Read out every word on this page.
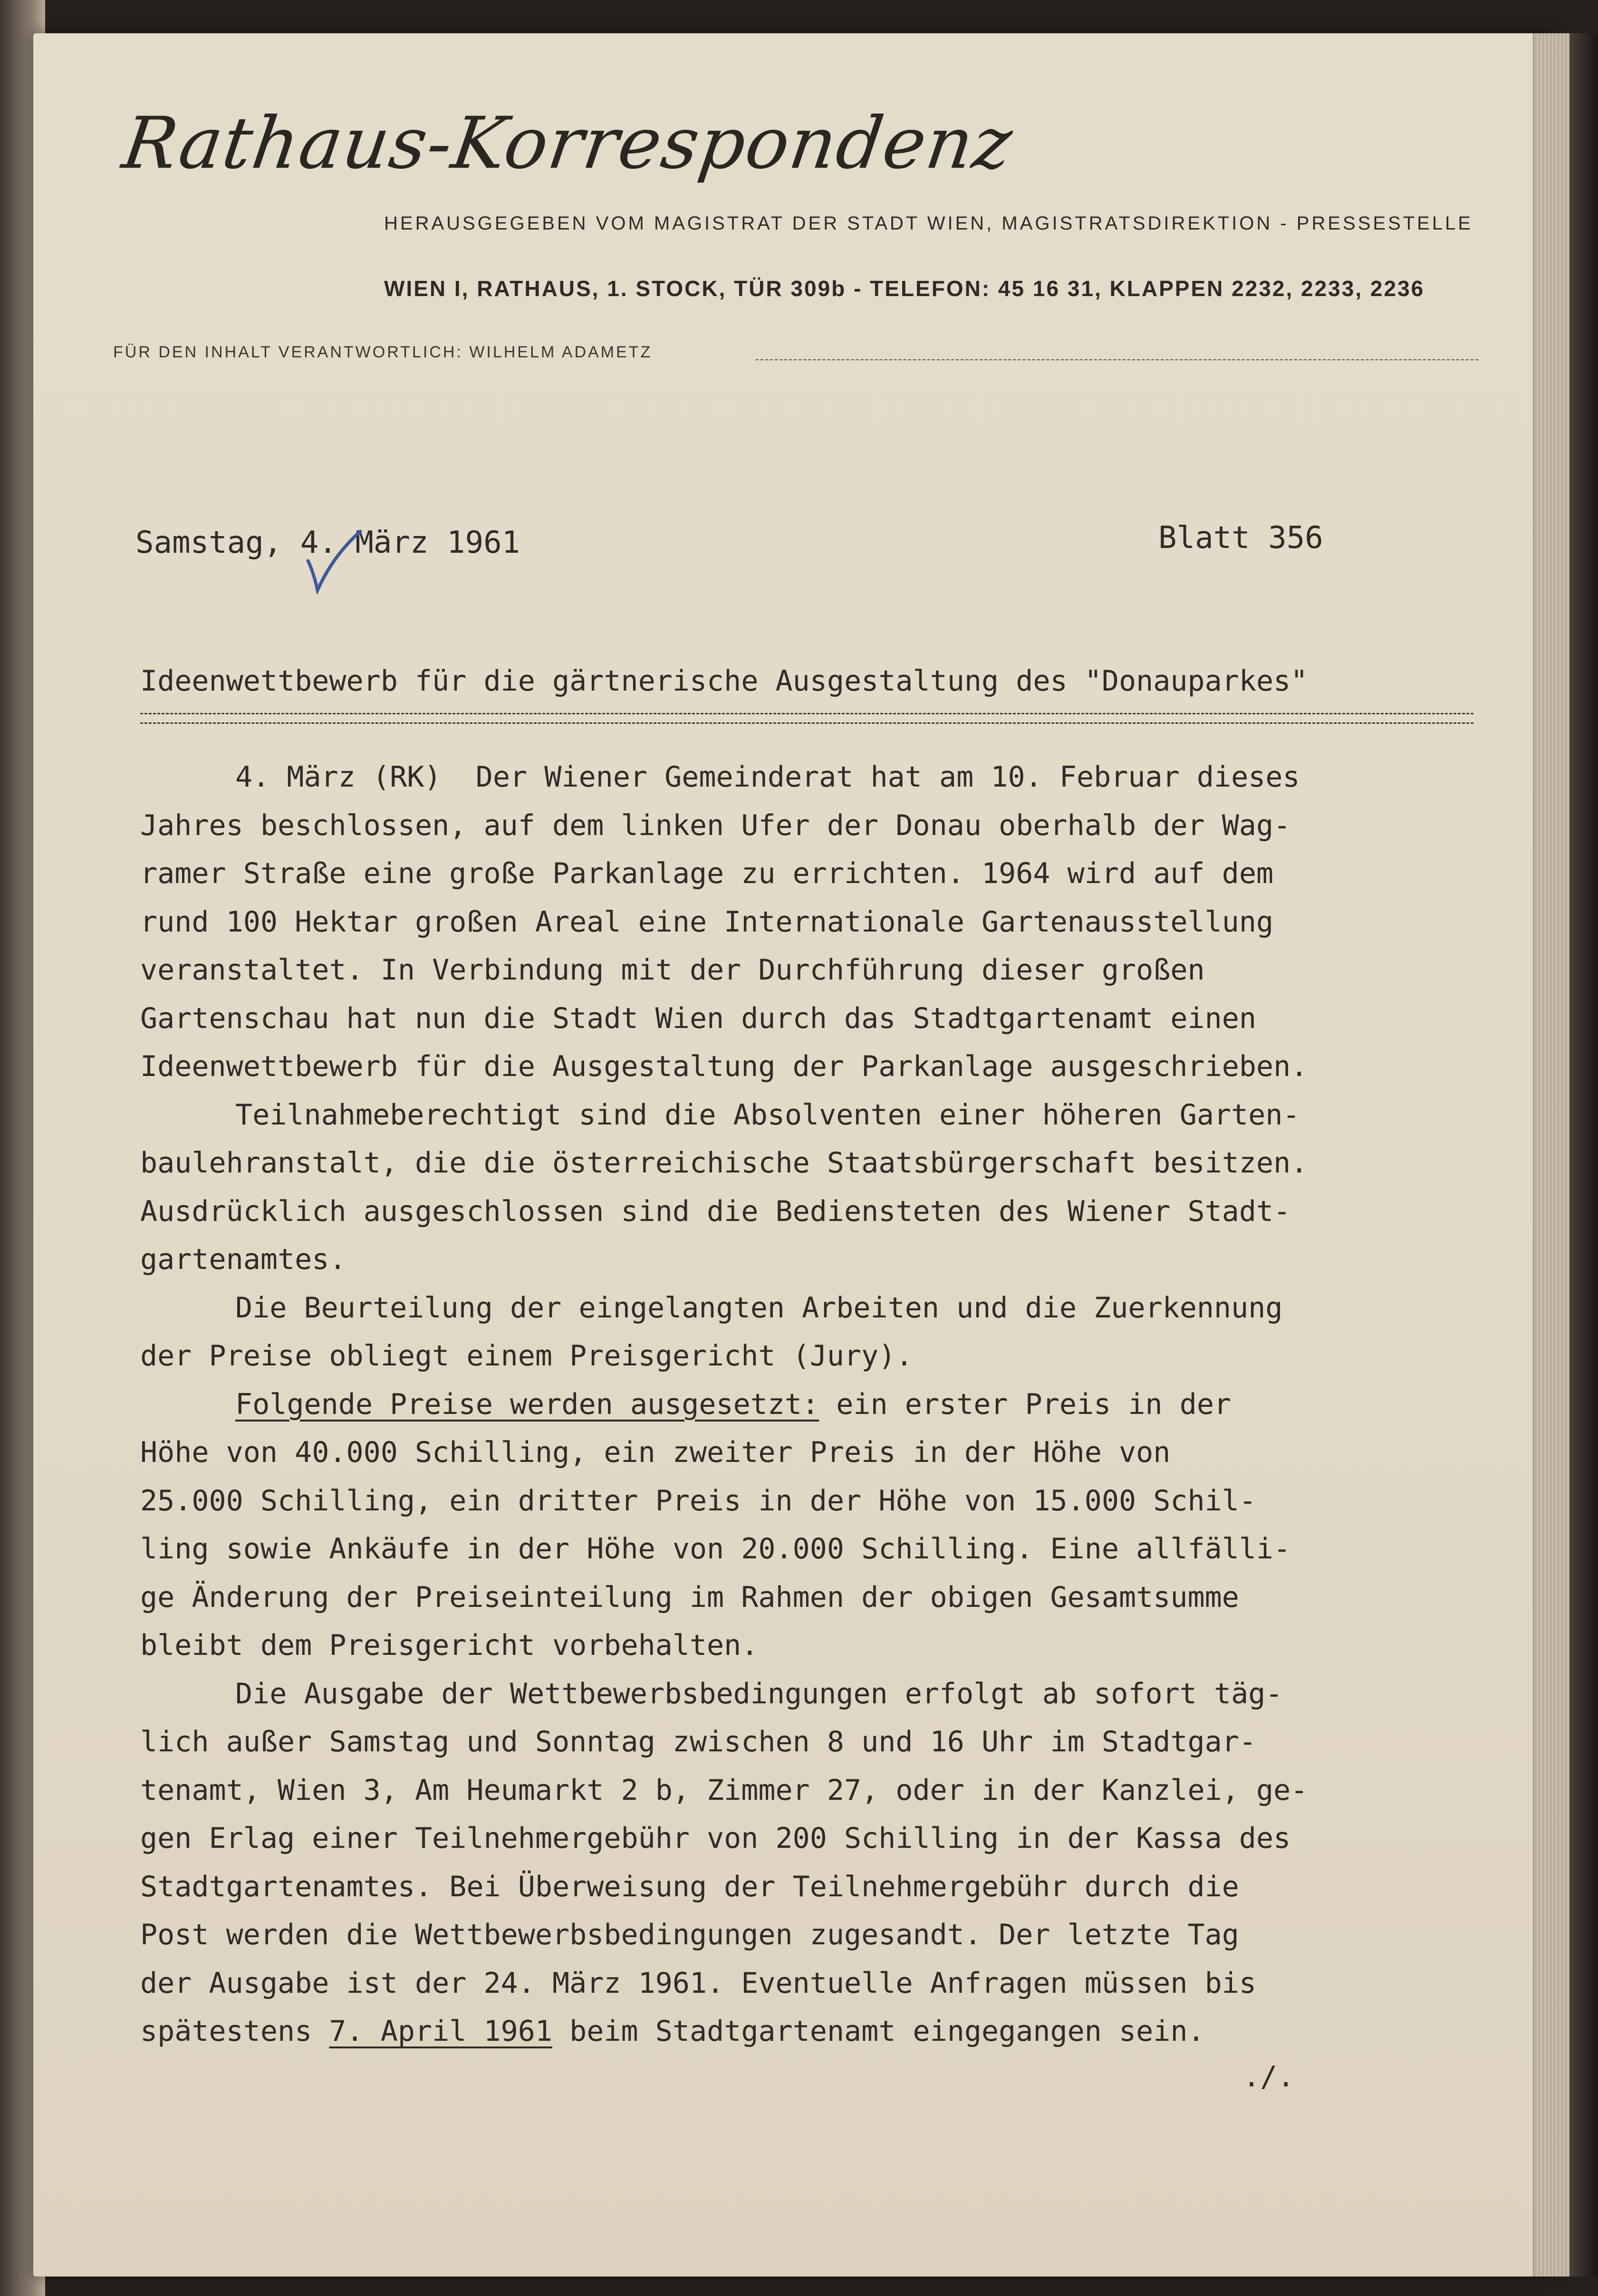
Rathaus-Korrespondenz
HERAUSGEGEBEN VOM MAGISTRAT DER STADT WIEN, MAGISTRATSDIREKTION - PRESSESTELLE
WIEN I, RATHAUS, 1. STOCK, TÜR 309b - TELEFON: 45 16 31, KLAPPEN 2232, 2233, 2236
FÜR DEN INHALT VERANTWORTLICH: WILHELM ADAMETZ
Samstag, 4. März 1961	Blatt 356
Ideenwettbewerb für die gärtnerische Ausgestaltung des "Donauparkes"
4. März (RK)  Der Wiener Gemeinderat hat am 10. Februar dieses
Jahres beschlossen, auf dem linken Ufer der Donau oberhalb der Wag-
ramer Straße eine große Parkanlage zu errichten. 1964 wird auf dem
rund 100 Hektar großen Areal eine Internationale Gartenausstellung
veranstaltet. In Verbindung mit der Durchführung dieser großen
Gartenschau hat nun die Stadt Wien durch das Stadtgartenamt einen
Ideenwettbewerb für die Ausgestaltung der Parkanlage ausgeschrieben.
Teilnahmeberechtigt sind die Absolventen einer höheren Garten-
baulehranstalt, die die österreichische Staatsbürgerschaft besitzen.
Ausdrücklich ausgeschlossen sind die Bediensteten des Wiener Stadt-
gartenamtes.
Die Beurteilung der eingelangten Arbeiten und die Zuerkennung
der Preise obliegt einem Preisgericht (Jury).
Folgende Preise werden ausgesetzt: ein erster Preis in der
Höhe von 40.000 Schilling, ein zweiter Preis in der Höhe von
25.000 Schilling, ein dritter Preis in der Höhe von 15.000 Schil-
ling sowie Ankäufe in der Höhe von 20.000 Schilling. Eine allfälli-
ge Änderung der Preiseinteilung im Rahmen der obigen Gesamtsumme
bleibt dem Preisgericht vorbehalten.
Die Ausgabe der Wettbewerbsbedingungen erfolgt ab sofort täg-
lich außer Samstag und Sonntag zwischen 8 und 16 Uhr im Stadtgar-
tenamt, Wien 3, Am Heumarkt 2 b, Zimmer 27, oder in der Kanzlei, ge-
gen Erlag einer Teilnehmergebühr von 200 Schilling in der Kassa des
Stadtgartenamtes. Bei Überweisung der Teilnehmergebühr durch die
Post werden die Wettbewerbsbedingungen zugesandt. Der letzte Tag
der Ausgabe ist der 24. März 1961. Eventuelle Anfragen müssen bis
spätestens 7. April 1961 beim Stadtgartenamt eingegangen sein.
./.
